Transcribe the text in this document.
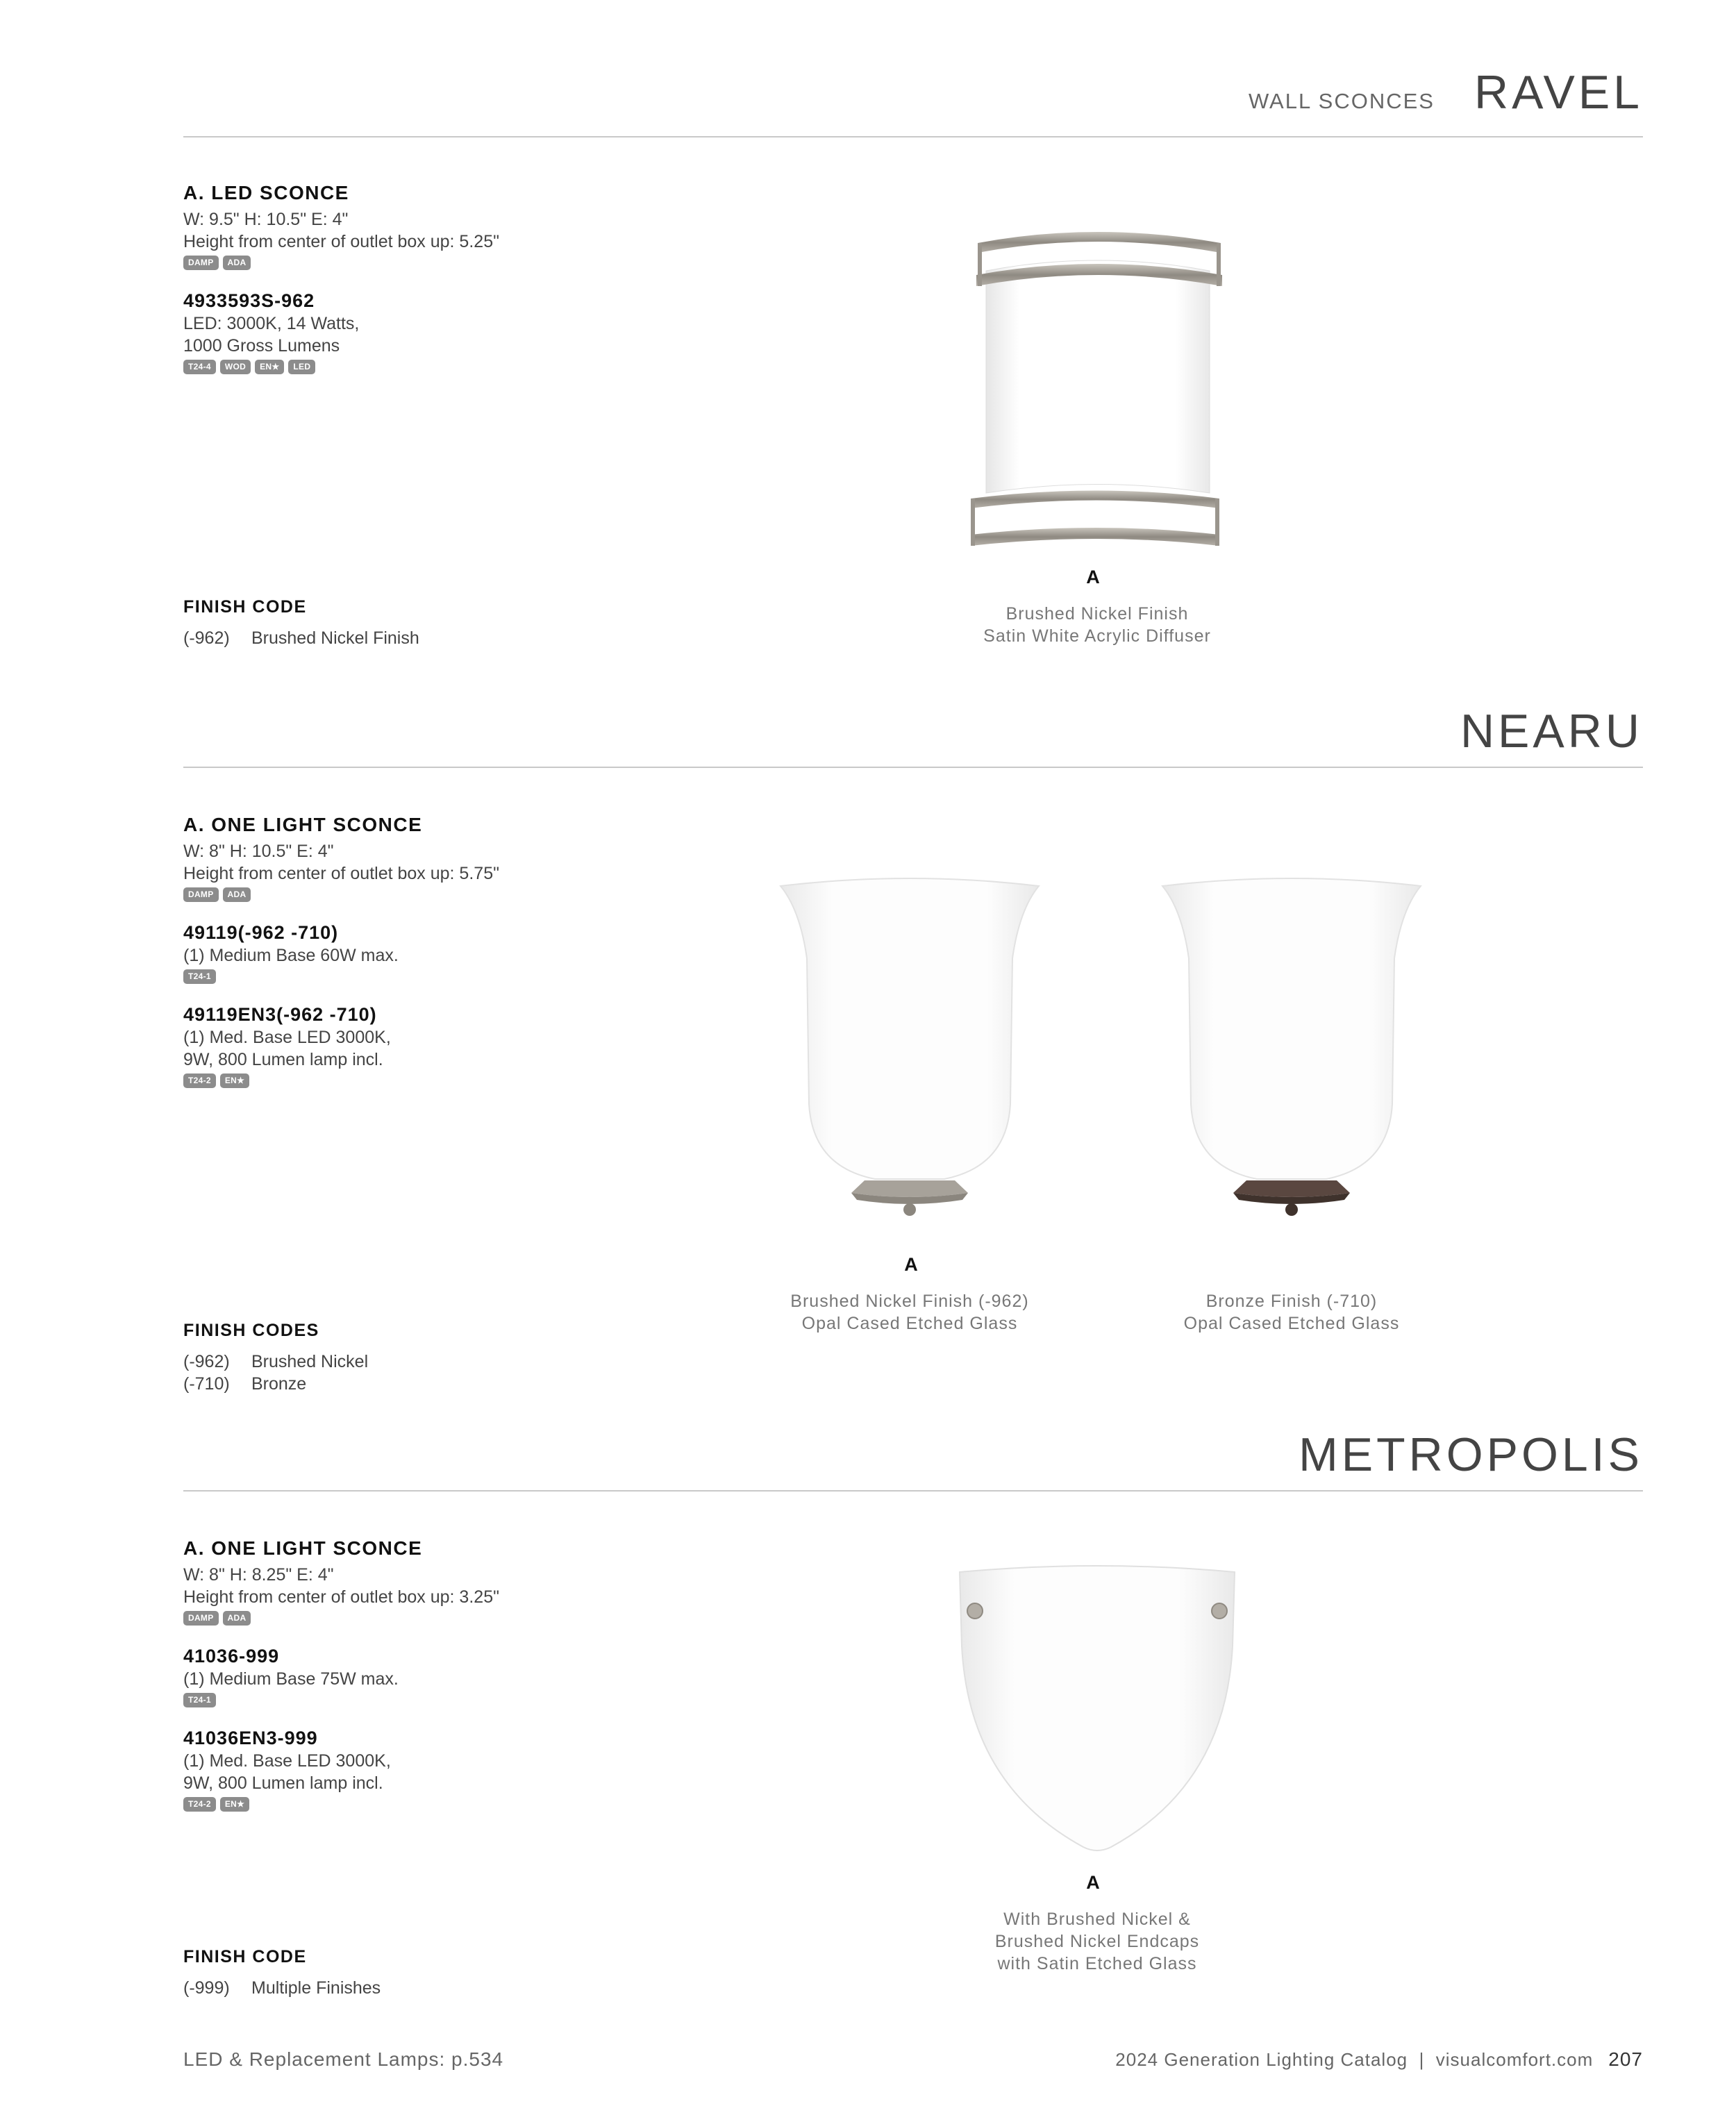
WALL SCONCES RAVEL
A. LED SCONCE
W: 9.5" H: 10.5" E: 4"
Height from center of outlet box up: 5.25"
DAMP	ADA
4933593S-962
LED: 3000K, 14 Watts,
1000 Gross Lumens
T24-4	WOD	EN★	LED
FINISH CODE
(-962)	Brushed Nickel Finish
A
Brushed Nickel Finish
Satin White Acrylic Diffuser
NEARU
A. ONE LIGHT SCONCE
W: 8" H: 10.5" E: 4"
Height from center of outlet box up: 5.75"
DAMP	ADA
49119(-962 -710)
(1) Medium Base 60W max.
T24-1
49119EN3(-962 -710)
(1) Med. Base LED 3000K,
9W, 800 Lumen lamp incl.
T24-2	EN★
FINISH CODES
(-962)	Brushed Nickel
(-710)	Bronze
A
Brushed Nickel Finish (-962)
Opal Cased Etched Glass
Bronze Finish (-710)
Opal Cased Etched Glass
METROPOLIS
A. ONE LIGHT SCONCE
W: 8" H: 8.25" E: 4"
Height from center of outlet box up: 3.25"
DAMP	ADA
41036-999
(1) Medium Base 75W max.
T24-1
41036EN3-999
(1) Med. Base LED 3000K,
9W, 800 Lumen lamp incl.
T24-2	EN★
FINISH CODE
(-999)	Multiple Finishes
A
With Brushed Nickel &
Brushed Nickel Endcaps
with Satin Etched Glass
LED & Replacement Lamps: p.534	2024 Generation Lighting Catalog  |  visualcomfort.com 207
